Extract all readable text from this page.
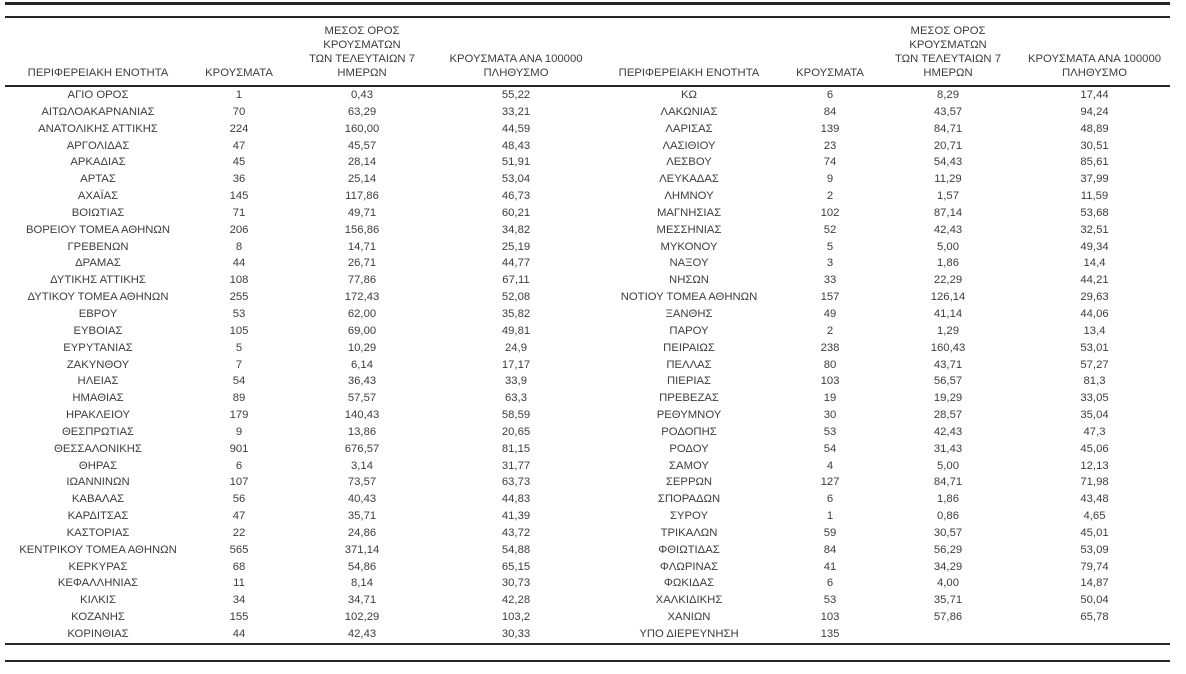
ΠΕΡΙΦΕΡΕΙΑΚΗ ΕΝΟΤΗΤΑ	ΚΡΟΥΣΜΑΤΑ	ΜΕΣΟΣ ΟΡΟΣ ΚΡΟΥΣΜΑΤΩΝ
ΤΩΝ ΤΕΛΕΥΤΑΙΩΝ 7
ΗΜΕΡΩΝ	ΚΡΟΥΣΜΑΤΑ ΑΝΑ 100000
ΠΛΗΘΥΣΜΟ	ΠΕΡΙΦΕΡΕΙΑΚΗ ΕΝΟΤΗΤΑ	ΚΡΟΥΣΜΑΤΑ	ΜΕΣΟΣ ΟΡΟΣ ΚΡΟΥΣΜΑΤΩΝ
ΤΩΝ ΤΕΛΕΥΤΑΙΩΝ 7
ΗΜΕΡΩΝ	ΚΡΟΥΣΜΑΤΑ ΑΝΑ 100000
ΠΛΗΘΥΣΜΟ

ΑΓΙΟ ΟΡΟΣ	1	0,43	55,22	ΚΩ	6	8,29	17,44
ΑΙΤΩΛΟΑΚΑΡΝΑΝΙΑΣ	70	63,29	33,21	ΛΑΚΩΝΙΑΣ	84	43,57	94,24
ΑΝΑΤΟΛΙΚΗΣ ΑΤΤΙΚΗΣ	224	160,00	44,59	ΛΑΡΙΣΑΣ	139	84,71	48,89
ΑΡΓΟΛΙΔΑΣ	47	45,57	48,43	ΛΑΣΙΘΙΟΥ	23	20,71	30,51
ΑΡΚΑΔΙΑΣ	45	28,14	51,91	ΛΕΣΒΟΥ	74	54,43	85,61
ΑΡΤΑΣ	36	25,14	53,04	ΛΕΥΚΑΔΑΣ	9	11,29	37,99
ΑΧΑΪΑΣ	145	117,86	46,73	ΛΗΜΝΟΥ	2	1,57	11,59
ΒΟΙΩΤΙΑΣ	71	49,71	60,21	ΜΑΓΝΗΣΙΑΣ	102	87,14	53,68
ΒΟΡΕΙΟΥ ΤΟΜΕΑ ΑΘΗΝΩΝ	206	156,86	34,82	ΜΕΣΣΗΝΙΑΣ	52	42,43	32,51
ΓΡΕΒΕΝΩΝ	8	14,71	25,19	ΜΥΚΟΝΟΥ	5	5,00	49,34
ΔΡΑΜΑΣ	44	26,71	44,77	ΝΑΞΟΥ	3	1,86	14,4
ΔΥΤΙΚΗΣ ΑΤΤΙΚΗΣ	108	77,86	67,11	ΝΗΣΩΝ	33	22,29	44,21
ΔΥΤΙΚΟΥ ΤΟΜΕΑ ΑΘΗΝΩΝ	255	172,43	52,08	ΝΟΤΙΟΥ ΤΟΜΕΑ ΑΘΗΝΩΝ	157	126,14	29,63
ΕΒΡΟΥ	53	62,00	35,82	ΞΑΝΘΗΣ	49	41,14	44,06
ΕΥΒΟΙΑΣ	105	69,00	49,81	ΠΑΡΟΥ	2	1,29	13,4
ΕΥΡΥΤΑΝΙΑΣ	5	10,29	24,9	ΠΕΙΡΑΙΩΣ	238	160,43	53,01
ΖΑΚΥΝΘΟΥ	7	6,14	17,17	ΠΕΛΛΑΣ	80	43,71	57,27
ΗΛΕΙΑΣ	54	36,43	33,9	ΠΙΕΡΙΑΣ	103	56,57	81,3
ΗΜΑΘΙΑΣ	89	57,57	63,3	ΠΡΕΒΕΖΑΣ	19	19,29	33,05
ΗΡΑΚΛΕΙΟΥ	179	140,43	58,59	ΡΕΘΥΜΝΟΥ	30	28,57	35,04
ΘΕΣΠΡΩΤΙΑΣ	9	13,86	20,65	ΡΟΔΟΠΗΣ	53	42,43	47,3
ΘΕΣΣΑΛΟΝΙΚΗΣ	901	676,57	81,15	ΡΟΔΟΥ	54	31,43	45,06
ΘΗΡΑΣ	6	3,14	31,77	ΣΑΜΟΥ	4	5,00	12,13
ΙΩΑΝΝΙΝΩΝ	107	73,57	63,73	ΣΕΡΡΩΝ	127	84,71	71,98
ΚΑΒΑΛΑΣ	56	40,43	44,83	ΣΠΟΡΑΔΩΝ	6	1,86	43,48
ΚΑΡΔΙΤΣΑΣ	47	35,71	41,39	ΣΥΡΟΥ	1	0,86	4,65
ΚΑΣΤΟΡΙΑΣ	22	24,86	43,72	ΤΡΙΚΑΛΩΝ	59	30,57	45,01
ΚΕΝΤΡΙΚΟΥ ΤΟΜΕΑ ΑΘΗΝΩΝ	565	371,14	54,88	ΦΘΙΩΤΙΔΑΣ	84	56,29	53,09
ΚΕΡΚΥΡΑΣ	68	54,86	65,15	ΦΛΩΡΙΝΑΣ	41	34,29	79,74
ΚΕΦΑΛΛΗΝΙΑΣ	11	8,14	30,73	ΦΩΚΙΔΑΣ	6	4,00	14,87
ΚΙΛΚΙΣ	34	34,71	42,28	ΧΑΛΚΙΔΙΚΗΣ	53	35,71	50,04
ΚΟΖΑΝΗΣ	155	102,29	103,2	ΧΑΝΙΩΝ	103	57,86	65,78
ΚΟΡΙΝΘΙΑΣ	44	42,43	30,33	ΥΠΟ ΔΙΕΡΕΥΝΗΣΗ	135		
